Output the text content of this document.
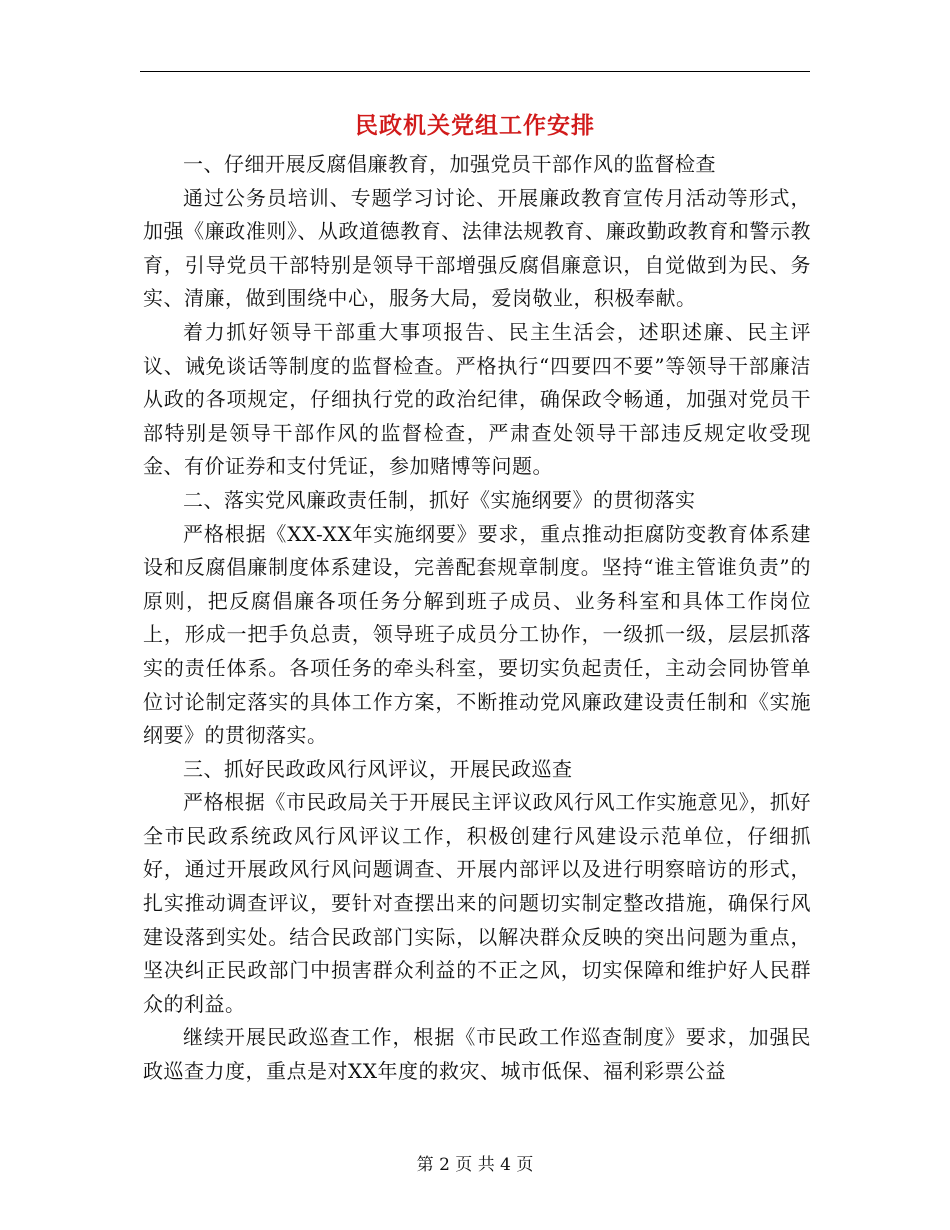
民政机关党组工作安排

一、仔细开展反腐倡廉教育，加强党员干部作风的监督检查

通过公务员培训、专题学习讨论、开展廉政教育宣传月活动等形式，加强《廉政准则》、从政道德教育、法律法规教育、廉政勤政教育和警示教育，引导党员干部特别是领导干部增强反腐倡廉意识，自觉做到为民、务实、清廉，做到围绕中心，服务大局，爱岗敬业，积极奉献。

着力抓好领导干部重大事项报告、民主生活会，述职述廉、民主评议、诫免谈话等制度的监督检查。严格执行“四要四不要”等领导干部廉洁从政的各项规定，仔细执行党的政治纪律，确保政令畅通，加强对党员干部特别是领导干部作风的监督检查，严肃查处领导干部违反规定收受现金、有价证券和支付凭证，参加赌博等问题。

二、落实党风廉政责任制，抓好《实施纲要》的贯彻落实

严格根据《XX-XX年实施纲要》要求，重点推动拒腐防变教育体系建设和反腐倡廉制度体系建设，完善配套规章制度。坚持“谁主管谁负责”的原则，把反腐倡廉各项任务分解到班子成员、业务科室和具体工作岗位上，形成一把手负总责，领导班子成员分工协作，一级抓一级，层层抓落实的责任体系。各项任务的牵头科室，要切实负起责任，主动会同协管单位讨论制定落实的具体工作方案，不断推动党风廉政建设责任制和《实施纲要》的贯彻落实。

三、抓好民政政风行风评议，开展民政巡查

严格根据《市民政局关于开展民主评议政风行风工作实施意见》，抓好全市民政系统政风行风评议工作，积极创建行风建设示范单位，仔细抓好，通过开展政风行风问题调查、开展内部评以及进行明察暗访的形式，扎实推动调查评议，要针对查摆出来的问题切实制定整改措施，确保行风建设落到实处。结合民政部门实际，以解决群众反映的突出问题为重点，坚决纠正民政部门中损害群众利益的不正之风，切实保障和维护好人民群众的利益。

继续开展民政巡查工作，根据《市民政工作巡查制度》要求，加强民政巡查力度，重点是对XX年度的救灾、城市低保、福利彩票公益

第 2 页 共 4 页
